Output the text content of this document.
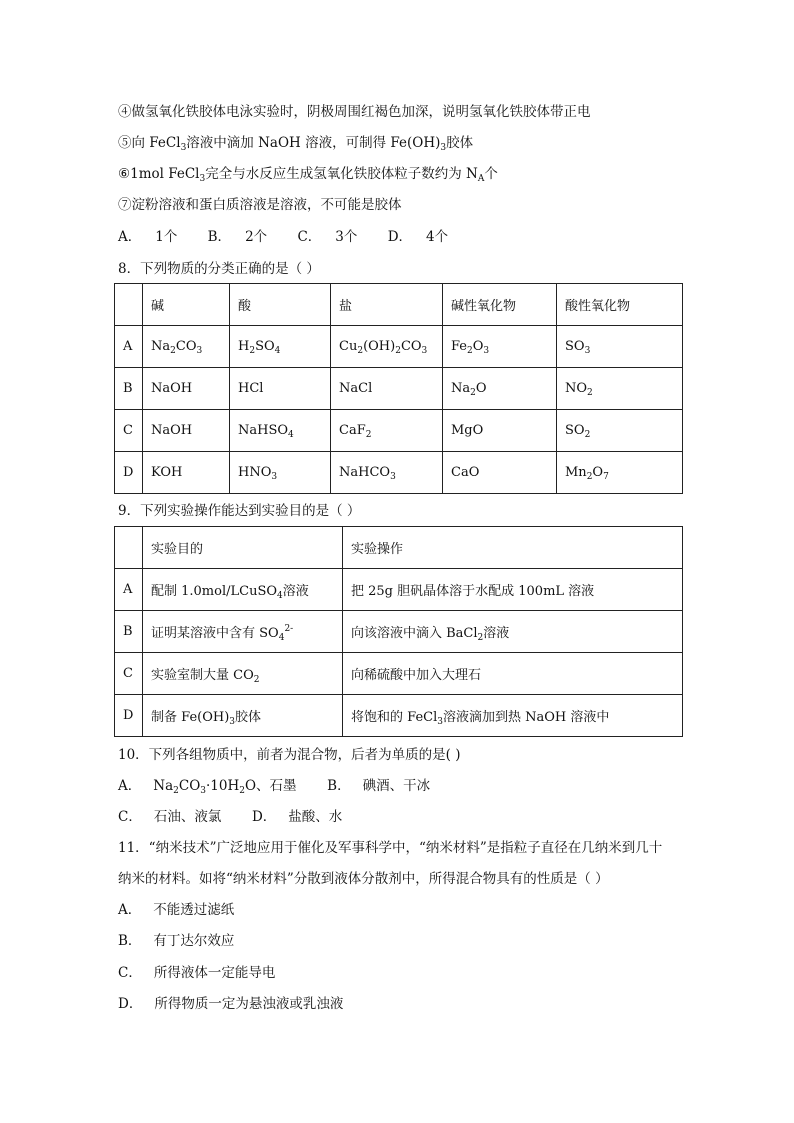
④做氢氧化铁胶体电泳实验时，阴极周围红褐色加深，说明氢氧化铁胶体带正电
⑤向 FeCl$_3$溶液中滴加 NaOH 溶液，可制得 $Fe(OH)_3$胶体
⑥1mol FeCl$_3$完全与水反应生成氢氧化铁胶体粒子数约为 $N_A$个
⑦淀粉溶液和蛋白质溶液是溶液，不可能是胶体
A． 1个 B． 2个 C． 3个 D． 4个
8．下列物质的分类正确的是（ ）
	碱	酸	盐	碱性氧化物	酸性氧化物
A	$Na_2CO_3$	$H_2SO_4$	$Cu_2(OH)_2CO_3$	$Fe_2O_3$	$SO_3$
B	NaOH	HCl	NaCl	$Na_2O$	$NO_2$
C	NaOH	NaHSO$_4$	CaF$_2$	MgO	$SO_2$
D	KOH	$HNO_3$	NaHCO$_3$	CaO	$Mn_2O_7$
9．下列实验操作能达到实验目的是（ ）
	实验目的	实验操作
A	配制 1.0mol/LCuSO$_4$溶液	把 25g 胆矾晶体溶于水配成 100mL 溶液
B	证明某溶液中含有 $SO_4^{2-}$	向该溶液中滴入 BaCl$_2$溶液
C	实验室制大量 $CO_2$	向稀硫酸中加入大理石
D	制备 $Fe(OH)_3$胶体	将饱和的 FeCl$_3$溶液滴加到热 NaOH 溶液中
10．下列各组物质中，前者为混合物，后者为单质的是( )
A． $Na_2CO_3\cdot 10H_2O$、石墨 B． 碘酒、干冰
C． 石油、液氯 D． 盐酸、水
11．“纳米技术”广泛地应用于催化及军事科学中，“纳米材料”是指粒子直径在几纳米到几十
纳米的材料。如将“纳米材料”分散到液体分散剂中，所得混合物具有的性质是（ ）
A． 不能透过滤纸
B． 有丁达尔效应
C． 所得液体一定能导电
D． 所得物质一定为悬浊液或乳浊液
